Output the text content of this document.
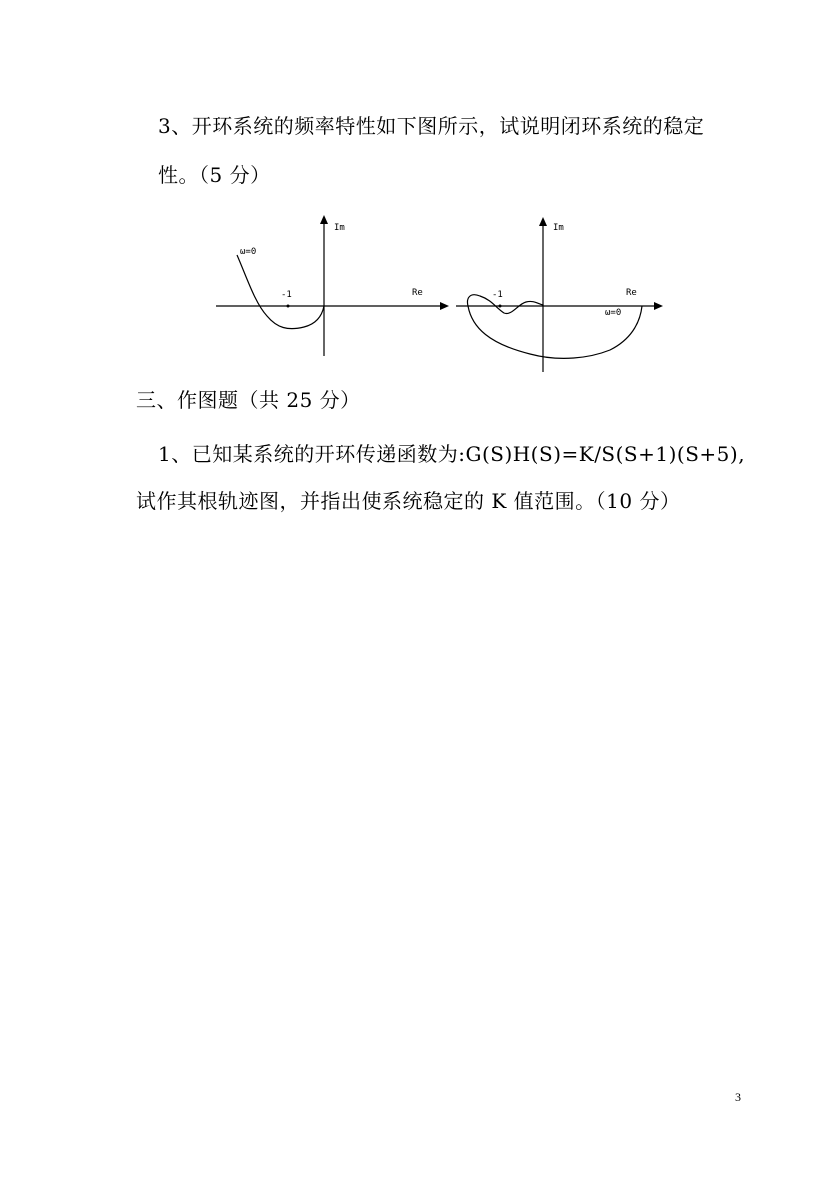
3、开环系统的频率特性如下图所示，试说明闭环系统的稳定
性。（5 分）
-1
Im
Re
ω=0
-1
Im
Re
ω=0
三、作图题（共 25 分）
1、已知某系统的开环传递函数为:G(S)H(S)=K/S(S+1)(S+5),
试作其根轨迹图，并指出使系统稳定的 K 值范围。（10 分）
3
